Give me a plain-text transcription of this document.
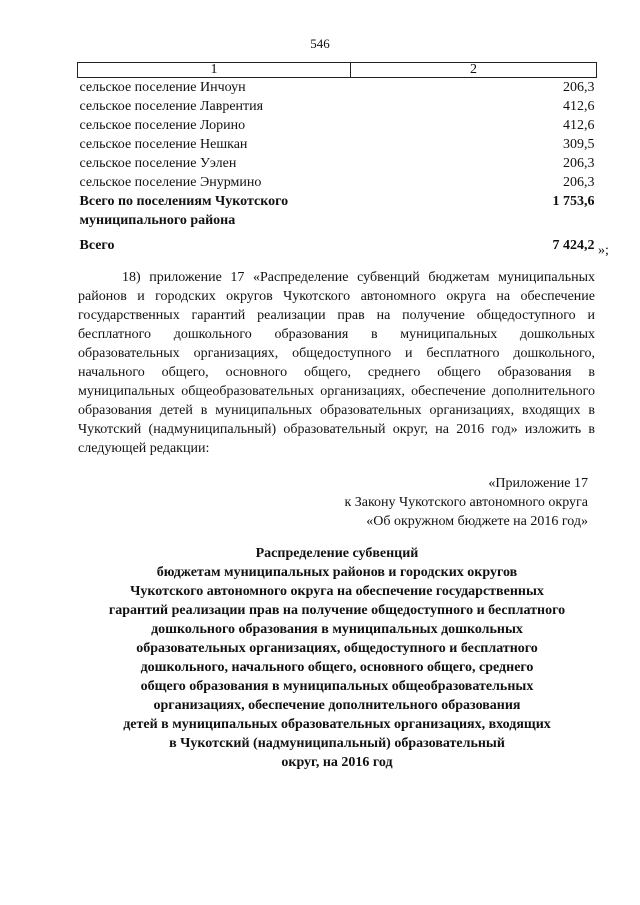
546
1	2
сельское поселение Инчоун	206,3
сельское поселение Лаврентия	412,6
сельское поселение Лорино	412,6
сельское поселение Нешкан	309,5
сельское поселение Уэлен	206,3
сельское поселение Энурмино	206,3

Всего по поселениям Чукотского
муниципального района	1 753,6
Всего	7 424,2 »;
18) приложение 17 «Распределение субвенций бюджетам муниципальных районов и городских округов Чукотского автономного округа на обеспечение государственных гарантий реализации прав на получение общедоступного и бесплатного дошкольного образования в муниципальных дошкольных образовательных организациях, общедоступного и бесплатного дошкольного, начального общего, основного общего, среднего общего образования в муниципальных общеобразовательных организациях, обеспечение дополнительного образования детей в муниципальных образовательных организациях, входящих в Чукотский (надмуниципальный) образовательный округ, на 2016 год» изложить в следующей редакции:
«Приложение 17
к Закону Чукотского автономного округа
«Об окружном бюджете на 2016 год»
Распределение субвенций
бюджетам муниципальных районов и городских округов
Чукотского автономного округа на обеспечение государственных
гарантий реализации прав на получение общедоступного и бесплатного
дошкольного образования в муниципальных дошкольных
образовательных организациях, общедоступного и бесплатного
дошкольного, начального общего, основного общего, среднего
общего образования в муниципальных общеобразовательных
организациях, обеспечение дополнительного образования
детей в муниципальных образовательных организациях, входящих
в Чукотский (надмуниципальный) образовательный
округ, на 2016 год
